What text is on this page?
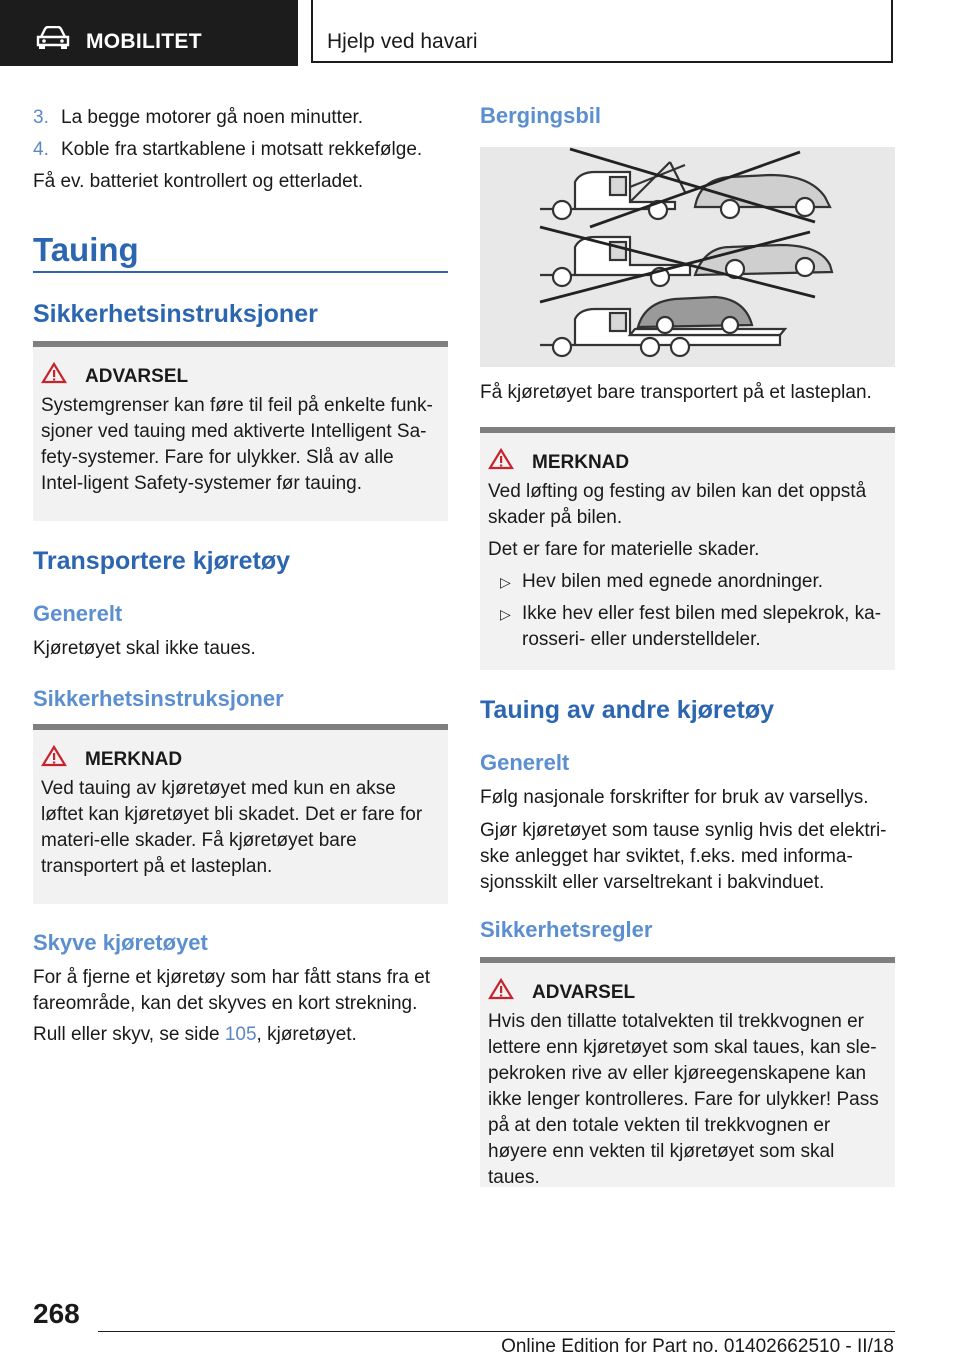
MOBILITET	Hjelp ved havari
3. La begge motorer gå noen minutter.
4. Koble fra startkablene i motsatt rekkefølge.
Få ev. batteriet kontrollert og etterladet.
Tauing
Sikkerhetsinstruksjoner
ADVARSEL

Systemgrenser kan føre til feil på enkelte funk-sjoner ved tauing med aktiverte Intelligent Sa-fety-systemer. Fare for ulykker. Slå av alle Intel-ligent Safety-systemer før tauing.

Transportere kjøretøy
Generelt
Kjøretøyet skal ikke taues.
Sikkerhetsinstruksjoner
MERKNAD

Ved tauing av kjøretøyet med kun en akse løftet kan kjøretøyet bli skadet. Det er fare for materi-elle skader. Få kjøretøyet bare transportert på et lasteplan.

Skyve kjøretøyet
For å fjerne et kjøretøy som har fått stans fra et fareområde, kan det skyves en kort strekning.
Rull eller skyv, se side 105, kjøretøyet.
Bergingsbil
Få kjøretøyet bare transportert på et lasteplan.
MERKNAD

Ved løfting og festing av bilen kan det oppstå skader på bilen.

Det er fare for materielle skader.

▷ Hev bilen med egnede anordninger.
▷ Ikke hev eller fest bilen med slepekrok, ka-rosseri- eller understelldeler.
Tauing av andre kjøretøy
Generelt
Følg nasjonale forskrifter for bruk av varsellys.
Gjør kjøretøyet som tause synlig hvis det elektri-ske anlegget har sviktet, f.eks. med informa-sjonsskilt eller varseltrekant i bakvinduet.
Sikkerhetsregler
ADVARSEL

Hvis den tillatte totalvekten til trekkvognen er lettere enn kjøretøyet som skal taues, kan sle-pekroken rive av eller kjøreegenskapene kan ikke lenger kontrolleres. Fare for ulykker! Pass på at den totale vekten til trekkvognen er høyere enn vekten til kjøretøyet som skal taues.

268
Online Edition for Part no. 01402662510 - II/18
